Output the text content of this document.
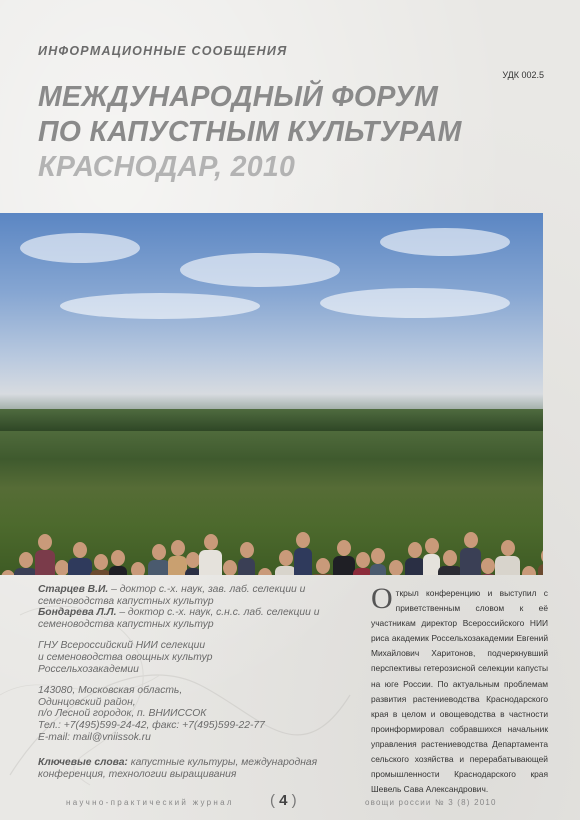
ИНФОРМАЦИОННЫЕ СООБЩЕНИЯ
УДК 002.5
МЕЖДУНАРОДНЫЙ ФОРУМ
ПО КАПУСТНЫМ КУЛЬТУРАМ
КРАСНОДАР, 2010
Старцев В.И. – доктор с.-х. наук, зав. лаб. селекции и семеноводства капустных культур
Бондарева Л.Л. – доктор с.-х. наук, с.н.с. лаб. селекции и семеноводства капустных культур
ГНУ Всероссийский НИИ селекции
и семеноводства овощных культур
Россельхозакадемии
143080, Московская область,
Одинцовский район,
п/о Лесной городок, п. ВНИИССОК
Тел.: +7(495)599-24-42, факс: +7(495)599-22-77
E-mail: mail@vniissok.ru
Ключевые слова: капустные культуры, международная конференция, технологии выращивания
Открыл конференцию и выступил с приветственным словом к её участникам директор Всероссийского НИИ риса академик Россельхозакадемии Евгений Михайлович Харитонов, подчеркнувший перспективы гетерозисной селекции капусты на юге России. По актуальным проблемам развития растениеводства Краснодарского края в целом и овощеводства в частности проинформировал собравшихся начальник управления растениеводства Департамента сельского хозяйства и перерабатывающей промышленности Краснодарского края Шевель Сава Александрович.
научно-практический журнал ( 4 )	овощи россии № 3 (8) 2010
